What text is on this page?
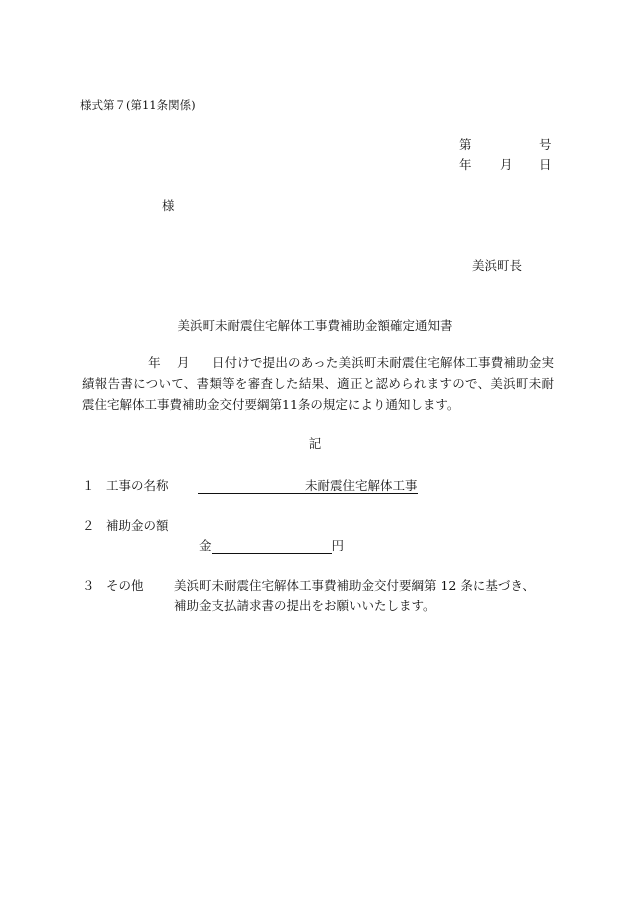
様式第７(第11条関係)
第	号
年 月 日
様
美浜町長
美浜町未耐震住宅解体工事費補助金額確定通知書
年 月 日付けで提出のあった美浜町未耐震住宅解体工事費補助金実績報告書について、書類等を審査した結果、適正と認められますので、美浜町未耐震住宅解体工事費補助金交付要綱第11条の規定により通知します。
記
１ 工事の名称	未耐震住宅解体工事
２ 補助金の額
金	円
３ その他 美浜町未耐震住宅解体工事費補助金交付要綱第 12 条に基づき、
補助金支払請求書の提出をお願いいたします。
